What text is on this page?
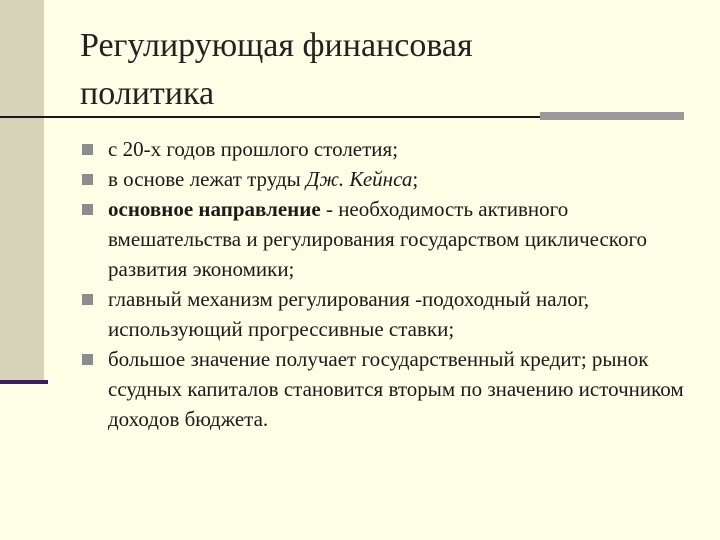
Регулирующая финансовая
политика
с 20-х годов прошлого столетия;
в основе лежат труды Дж. Кейнса;
основное направление - необходимость активного вмешательства и регулирования государством циклического развития экономики;
главный механизм регулирования -подоходный налог, использующий прогрессивные ставки;
большое значение получает государственный кредит; рынок ссудных капиталов становится вторым по значению источником доходов бюджета.
